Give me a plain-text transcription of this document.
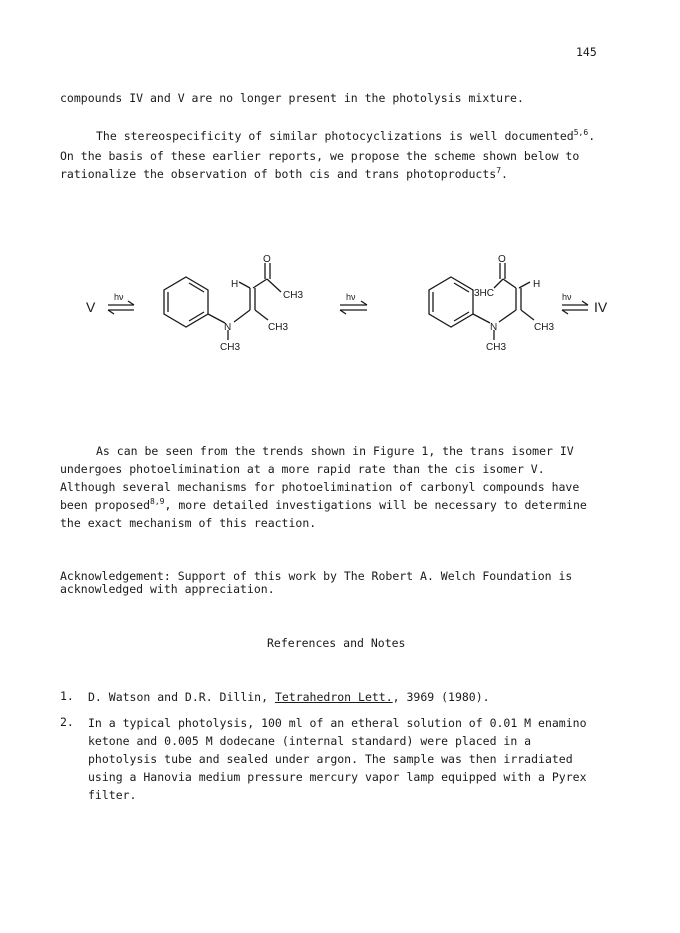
145
compounds IV and V are no longer present in the photolysis mixture.
The stereospecificity of similar photocyclizations is well documented$^{5,6}$.
On the basis of these earlier reports, we propose the scheme shown below to
rationalize the observation of both cis and trans photoproducts$^7$.
V
hν	hν	hν
IV
O
H
CH3
N	CH3
CH3
O
3HC
H
N	CH3
CH3
As can be seen from the trends shown in Figure 1, the trans isomer IV
undergoes photoelimination at a more rapid rate than the cis isomer V.
Although several mechanisms for photoelimination of carbonyl compounds have
been proposed$^{8,9}$, more detailed investigations will be necessary to determine
the exact mechanism of this reaction.
Acknowledgement: Support of this work by The Robert A. Welch Foundation is
acknowledged with appreciation.
References and Notes
1. D. Watson and D.R. Dillin, Tetrahedron Lett., 3969 (1980).
2. In a typical photolysis, 100 ml of an etheral solution of 0.01 M enamino
ketone and 0.005 M dodecane (internal standard) were placed in a
photolysis tube and sealed under argon. The sample was then irradiated
using a Hanovia medium pressure mercury vapor lamp equipped with a Pyrex
filter.
